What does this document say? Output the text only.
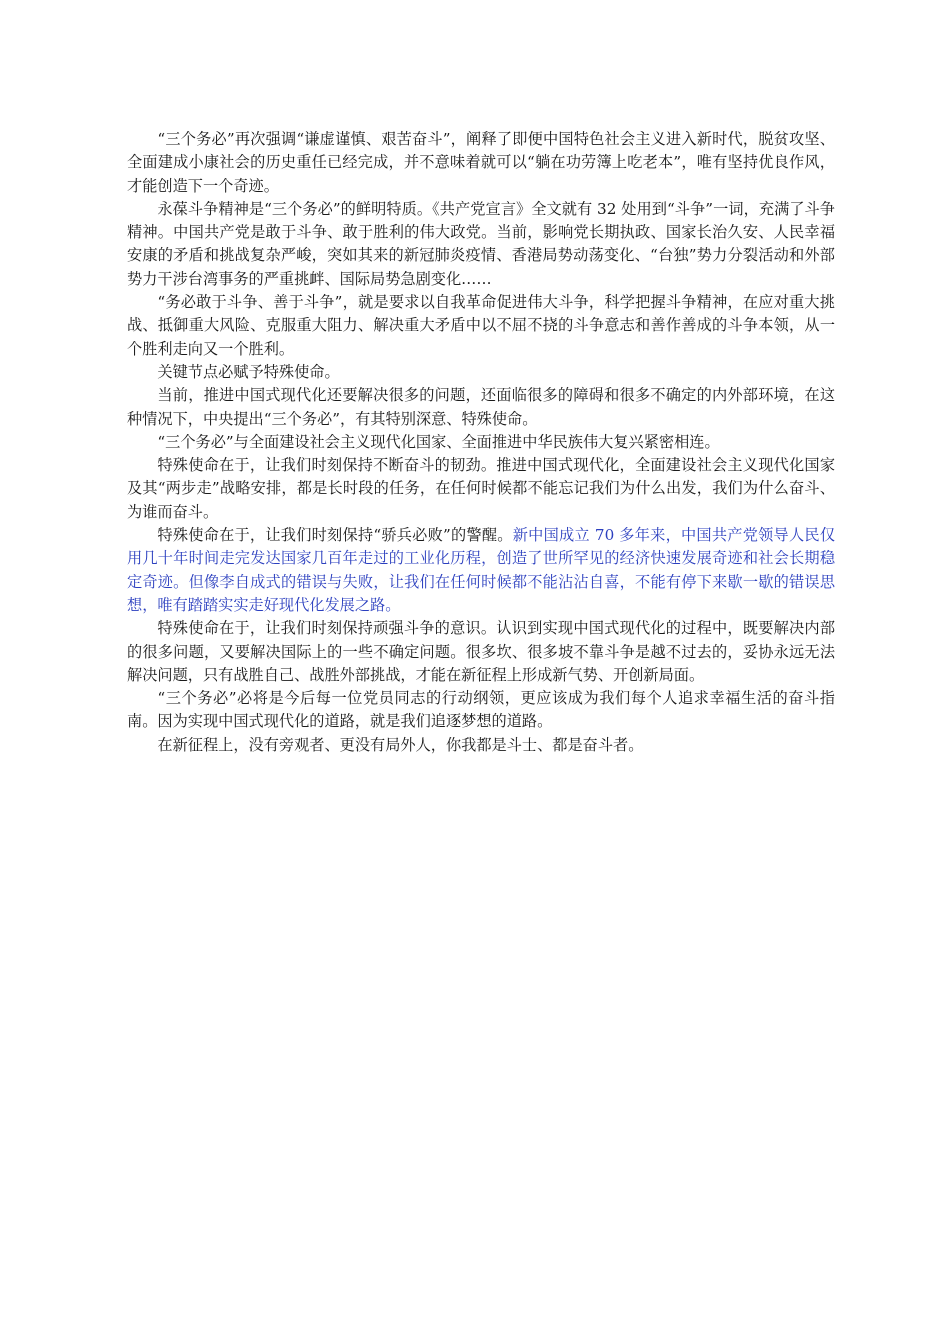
“三个务必”再次强调“谦虚谨慎、艰苦奋斗”，阐释了即便中国特色社会主义进入新时代，脱贫攻坚、全面建成小康社会的历史重任已经完成，并不意味着就可以“躺在功劳簿上吃老本”，唯有坚持优良作风，才能创造下一个奇迹。

永葆斗争精神是“三个务必”的鲜明特质。《共产党宣言》全文就有 32 处用到“斗争”一词，充满了斗争精神。中国共产党是敢于斗争、敢于胜利的伟大政党。当前，影响党长期执政、国家长治久安、人民幸福安康的矛盾和挑战复杂严峻，突如其来的新冠肺炎疫情、香港局势动荡变化、“台独”势力分裂活动和外部势力干涉台湾事务的严重挑衅、国际局势急剧变化……

“务必敢于斗争、善于斗争”，就是要求以自我革命促进伟大斗争，科学把握斗争精神，在应对重大挑战、抵御重大风险、克服重大阻力、解决重大矛盾中以不屈不挠的斗争意志和善作善成的斗争本领，从一个胜利走向又一个胜利。

关键节点必赋予特殊使命。

当前，推进中国式现代化还要解决很多的问题，还面临很多的障碍和很多不确定的内外部环境，在这种情况下，中央提出“三个务必”，有其特别深意、特殊使命。

“三个务必”与全面建设社会主义现代化国家、全面推进中华民族伟大复兴紧密相连。

特殊使命在于，让我们时刻保持不断奋斗的韧劲。推进中国式现代化，全面建设社会主义现代化国家及其“两步走”战略安排，都是长时段的任务，在任何时候都不能忘记我们为什么出发，我们为什么奋斗、为谁而奋斗。

特殊使命在于，让我们时刻保持“骄兵必败”的警醒。新中国成立 70 多年来，中国共产党领导人民仅用几十年时间走完发达国家几百年走过的工业化历程，创造了世所罕见的经济快速发展奇迹和社会长期稳定奇迹。但像李自成式的错误与失败，让我们在任何时候都不能沾沾自喜，不能有停下来歇一歇的错误思想，唯有踏踏实实走好现代化发展之路。

特殊使命在于，让我们时刻保持顽强斗争的意识。认识到实现中国式现代化的过程中，既要解决内部的很多问题，又要解决国际上的一些不确定问题。很多坎、很多坡不靠斗争是越不过去的，妥协永远无法解决问题，只有战胜自己、战胜外部挑战，才能在新征程上形成新气势、开创新局面。

“三个务必”必将是今后每一位党员同志的行动纲领，更应该成为我们每个人追求幸福生活的奋斗指南。因为实现中国式现代化的道路，就是我们追逐梦想的道路。

在新征程上，没有旁观者、更没有局外人，你我都是斗士、都是奋斗者。
